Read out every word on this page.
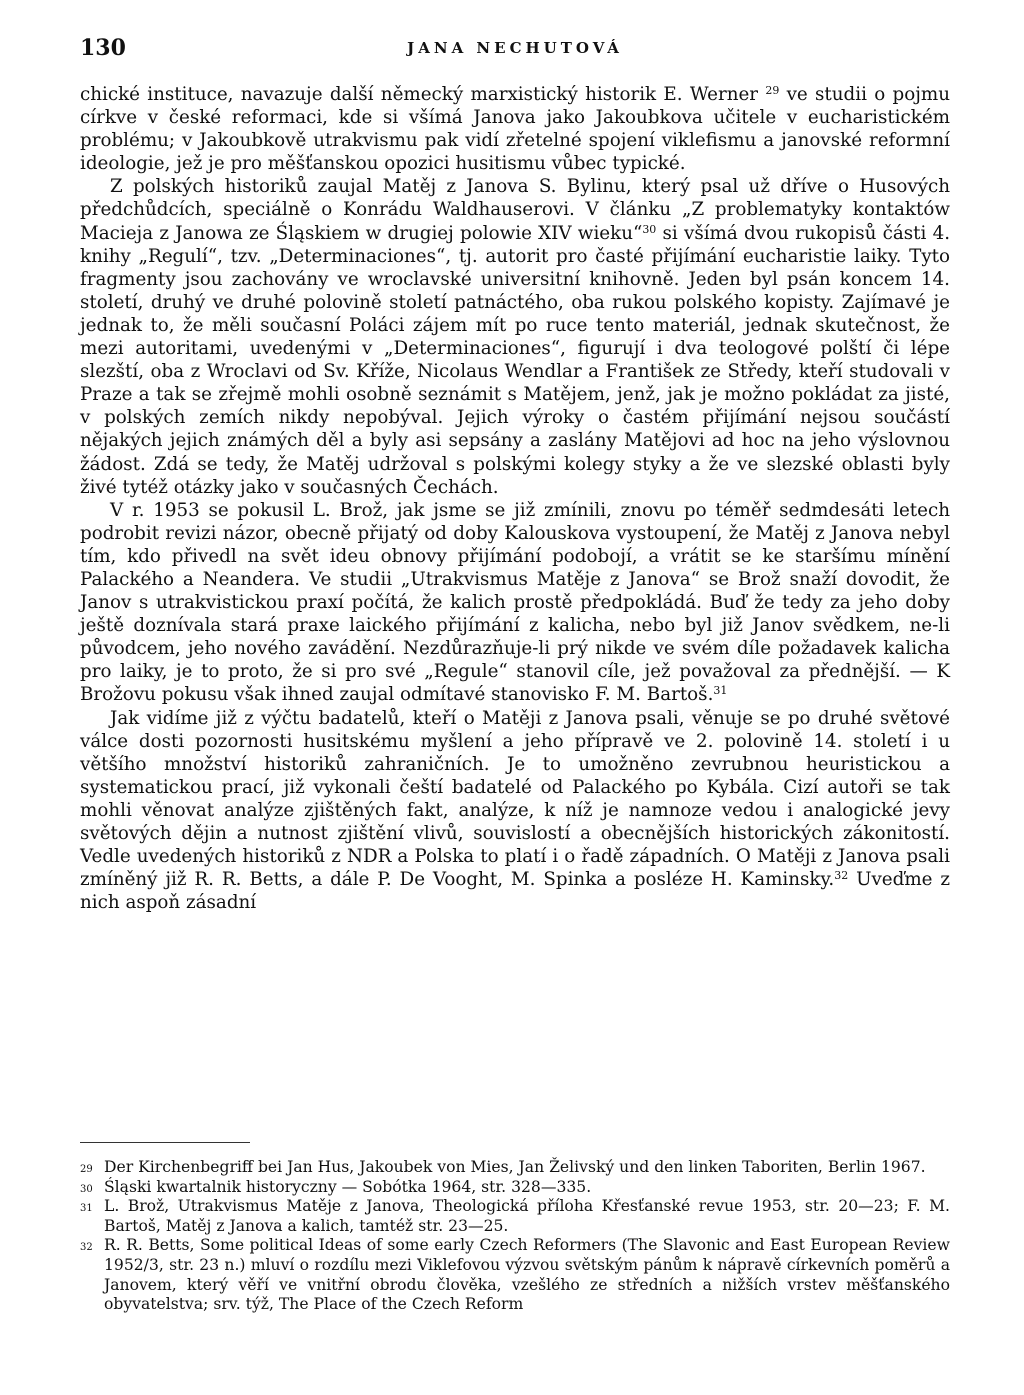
130	JANA NECHUTOVÁ

chické instituce, navazuje další německý marxistický historik E. Werner $^{29}$ ve studii o pojmu církve v české reformaci, kde si všímá Janova jako Jakoubkova učitele v eucharistickém problému; v Jakoubkově utrakvismu pak vidí zřetelné spojení viklefismu a janovské reformní ideologie, jež je pro měšťanskou opozici husitismu vůbec typické.

Z polských historiků zaujal Matěj z Janova S. Bylinu, který psal už dříve o Husových předchůdcích, speciálně o Konrádu Waldhauserovi. V článku „Z problematyky kontaktów Macieja z Janowa ze Śląskiem w drugiej polowie XIV wieku“$^{30}$ si všímá dvou rukopisů části 4. knihy „Regulí“, tzv. „Determinaciones“, tj. autorit pro časté přijímání eucharistie laiky. Tyto fragmenty jsou zachovány ve wroclavské universitní knihovně. Jeden byl psán koncem 14. století, druhý ve druhé polovině století patnáctého, oba rukou polského kopisty. Zajímavé je jednak to, že měli současní Poláci zájem mít po ruce tento materiál, jednak skutečnost, že mezi autoritami, uvedenými v „Determinaciones“, figurují i dva teologové polští či lépe slezští, oba z Wroclavi od Sv. Kříže, Nicolaus Wendlar a František ze Středy, kteří studovali v Praze a tak se zřejmě mohli osobně seznámit s Matějem, jenž, jak je možno pokládat za jisté, v polských zemích nikdy nepobýval. Jejich výroky o častém přijímání nejsou součástí nějakých jejich známých děl a byly asi sepsány a zaslány Matějovi ad hoc na jeho výslovnou žádost. Zdá se tedy, že Matěj udržoval s polskými kolegy styky a že ve slezské oblasti byly živé tytéž otázky jako v současných Čechách.

V r. 1953 se pokusil L. Brož, jak jsme se již zmínili, znovu po téměř sedmdesáti letech podrobit revizi názor, obecně přijatý od doby Kalouskova vystoupení, že Matěj z Janova nebyl tím, kdo přivedl na svět ideu obnovy přijímání podobojí, a vrátit se ke staršímu mínění Palackého a Neandera. Ve studii „Utrakvismus Matěje z Janova“ se Brož snaží dovodit, že Janov s utrakvistickou praxí počítá, že kalich prostě předpokládá. Buď že tedy za jeho doby ještě doznívala stará praxe laického přijímání z kalicha, nebo byl již Janov svědkem, ne-li původcem, jeho nového zavádění. Nezdůrazňuje-li prý nikde ve svém díle požadavek kalicha pro laiky, je to proto, že si pro své „Regule“ stanovil cíle, jež považoval za přednější. — K Brožovu pokusu však ihned zaujal odmítavé stanovisko F. M. Bartoš.$^{31}$

Jak vidíme již z výčtu badatelů, kteří o Matěji z Janova psali, věnuje se po druhé světové válce dosti pozornosti husitskému myšlení a jeho přípravě ve 2. polovině 14. století i u většího množství historiků zahraničních. Je to umožněno zevrubnou heuristickou a systematickou prací, již vykonali čeští badatelé od Palackého po Kybála. Cizí autoři se tak mohli věnovat analýze zjištěných fakt, analýze, k níž je namnoze vedou i analogické jevy světových dějin a nutnost zjištění vlivů, souvislostí a obecnějších historických zákonitostí. Vedle uvedených historiků z NDR a Polska to platí i o řadě západních. O Matěji z Janova psali zmíněný již R. R. Betts, a dále P. De Vooght, M. Spinka a posléze H. Kaminsky.$^{32}$ Uveďme z nich aspoň zásadní

29 Der Kirchenbegriff bei Jan Hus, Jakoubek von Mies, Jan Želivský und den linken Taboriten, Berlin 1967.
30 Śląski kwartalnik historyczny — Sobótka 1964, str. 328—335.
31 L. Brož, Utrakvismus Matěje z Janova, Theologická příloha Křesťanské revue 1953, str. 20—23; F. M. Bartoš, Matěj z Janova a kalich, tamtéž str. 23—25.
32 R. R. Betts, Some political Ideas of some early Czech Reformers (The Slavonic and East European Review 1952/3, str. 23 n.) mluví o rozdílu mezi Viklefovou výzvou světským pánům k nápravě církevních poměrů a Janovem, který věří ve vnitřní obrodu člověka, vzešlého ze středních a nižších vrstev měšťanského obyvatelstva; srv. týž, The Place of the Czech Reform
